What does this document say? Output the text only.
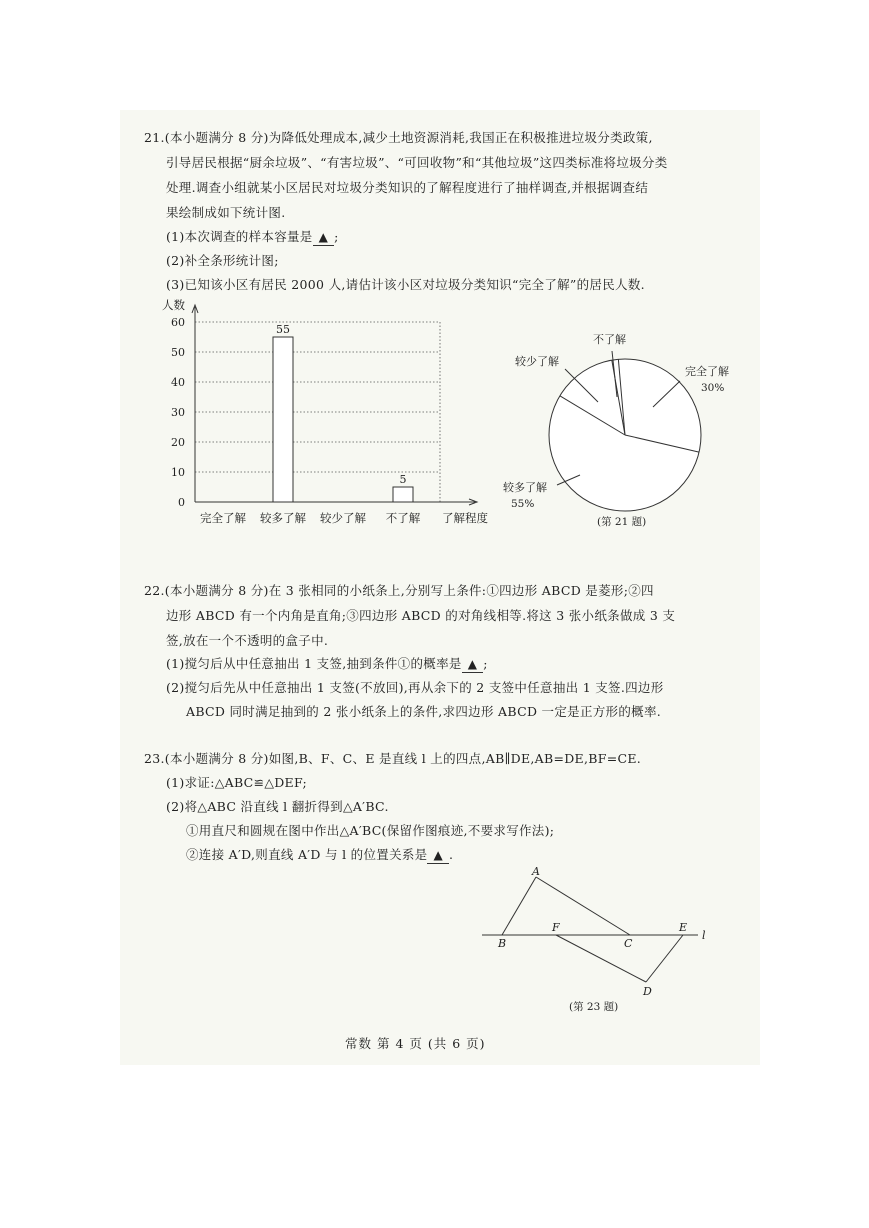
21.(本小题满分 8 分)为降低处理成本,减少土地资源消耗,我国正在积极推进垃圾分类政策,
引导居民根据“厨余垃圾”、“有害垃圾”、“可回收物”和“其他垃圾”这四类标准将垃圾分类
处理.调查小组就某小区居民对垃圾分类知识的了解程度进行了抽样调查,并根据调查结
果绘制成如下统计图.
(1)本次调查的样本容量是 ▲ ;
(2)补全条形统计图;
(3)已知该小区有居民 2000 人,请估计该小区对垃圾分类知识“完全了解”的居民人数.
0
10
20
30
40
50
60
人数
了解程度
完全了解 较多了解
55
较少了解 不了解
5
完全了解
30%
较多了解
55%
较少了解
不了解
(第 21 题)
22.(本小题满分 8 分)在 3 张相同的小纸条上,分别写上条件:①四边形 ABCD 是菱形;②四
边形 ABCD 有一个内角是直角;③四边形 ABCD 的对角线相等.将这 3 张小纸条做成 3 支
签,放在一个不透明的盒子中.
(1)搅匀后从中任意抽出 1 支签,抽到条件①的概率是 ▲ ;
(2)搅匀后先从中任意抽出 1 支签(不放回),再从余下的 2 支签中任意抽出 1 支签.四边形
ABCD 同时满足抽到的 2 张小纸条上的条件,求四边形 ABCD 一定是正方形的概率.
23.(本小题满分 8 分)如图,B、F、C、E 是直线 l 上的四点,AB∥DE,AB=DE,BF=CE.
(1)求证:△ABC≌△DEF;
(2)将△ABC 沿直线 l 翻折得到△A′BC.
①用直尺和圆规在图中作出△A′BC(保留作图痕迹,不要求写作法);
②连接 A′D,则直线 A′D 与 l 的位置关系是 ▲ .
A
B
F
C
E
D
l
(第 23 题)
常数 第 4 页 (共 6 页)
